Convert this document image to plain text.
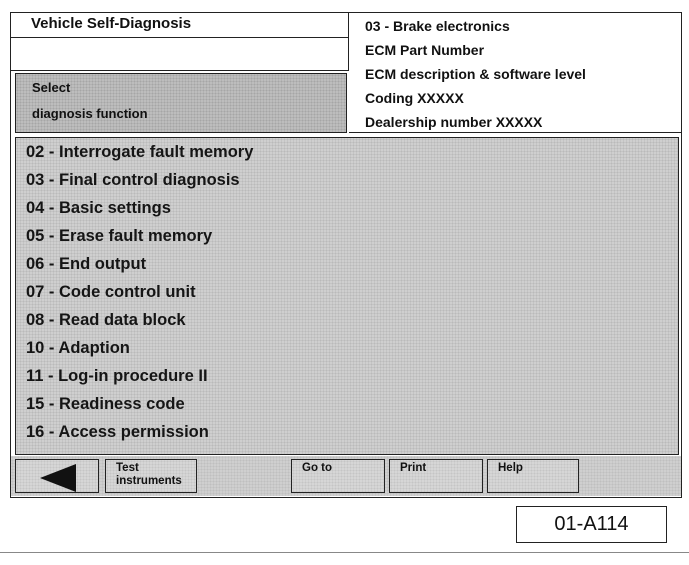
Vehicle Self-Diagnosis
Select
diagnosis function
03 - Brake electronics
ECM Part Number
ECM description & software level
Coding XXXXX
Dealership number XXXXX
02 - Interrogate fault memory
03 - Final control diagnosis
04 - Basic settings
05 - Erase fault memory
06 - End output
07 - Code control unit
08 - Read data block
10 - Adaption
11 - Log-in procedure II
15 - Readiness code
16 - Access permission
Test
instruments
Go to	Print	Help
01-A114
